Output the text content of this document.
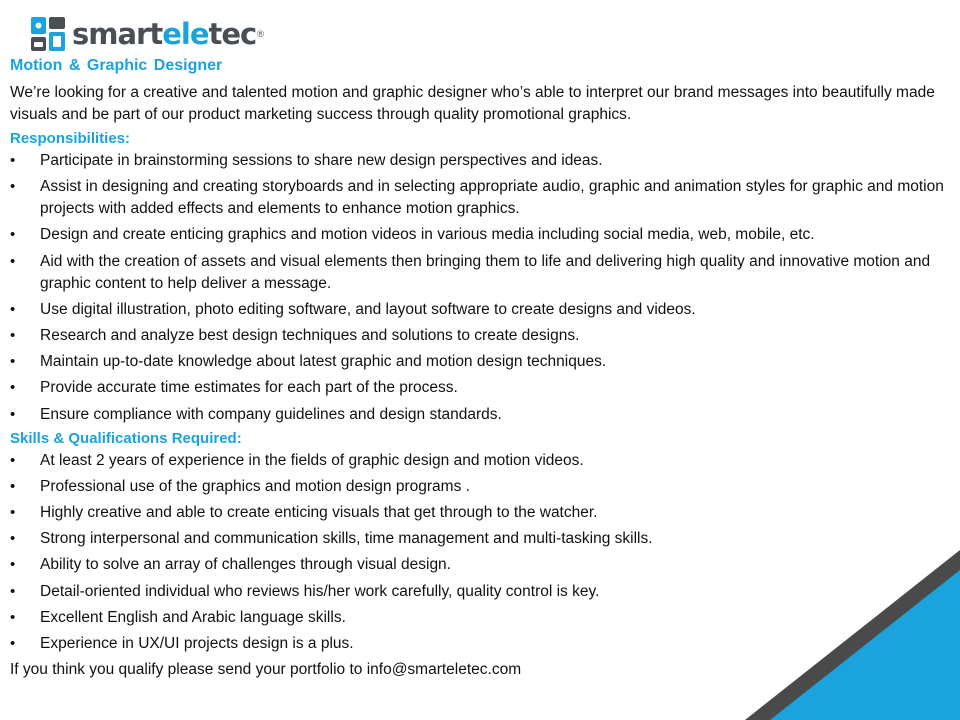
smarteletec ®
Motion & Graphic Designer
We’re looking for a creative and talented motion and graphic designer who’s able to interpret our brand messages into beautifully made visuals and be part of our product marketing success through quality promotional graphics.
Responsibilities:
• Participate in brainstorming sessions to share new design perspectives and ideas.
• Assist in designing and creating storyboards and in selecting appropriate audio, graphic and animation styles for graphic and motion projects with added effects and elements to enhance motion graphics.
• Design and create enticing graphics and motion videos in various media including social media, web, mobile, etc.
• Aid with the creation of assets and visual elements then bringing them to life and delivering high quality and innovative motion and graphic content to help deliver a message.
• Use digital illustration, photo editing software, and layout software to create designs and videos.
• Research and analyze best design techniques and solutions to create designs.
• Maintain up-to-date knowledge about latest graphic and motion design techniques.
• Provide accurate time estimates for each part of the process.
• Ensure compliance with company guidelines and design standards.
Skills & Qualifications Required:
• At least 2 years of experience in the fields of graphic design and motion videos.
• Professional use of the graphics and motion design programs .
• Highly creative and able to create enticing visuals that get through to the watcher.
• Strong interpersonal and communication skills, time management and multi-tasking skills.
• Ability to solve an array of challenges through visual design.
• Detail-oriented individual who reviews his/her work carefully, quality control is key.
• Excellent English and Arabic language skills.
• Experience in UX/UI projects design is a plus.
If you think you qualify please send your portfolio to info@smarteletec.com
